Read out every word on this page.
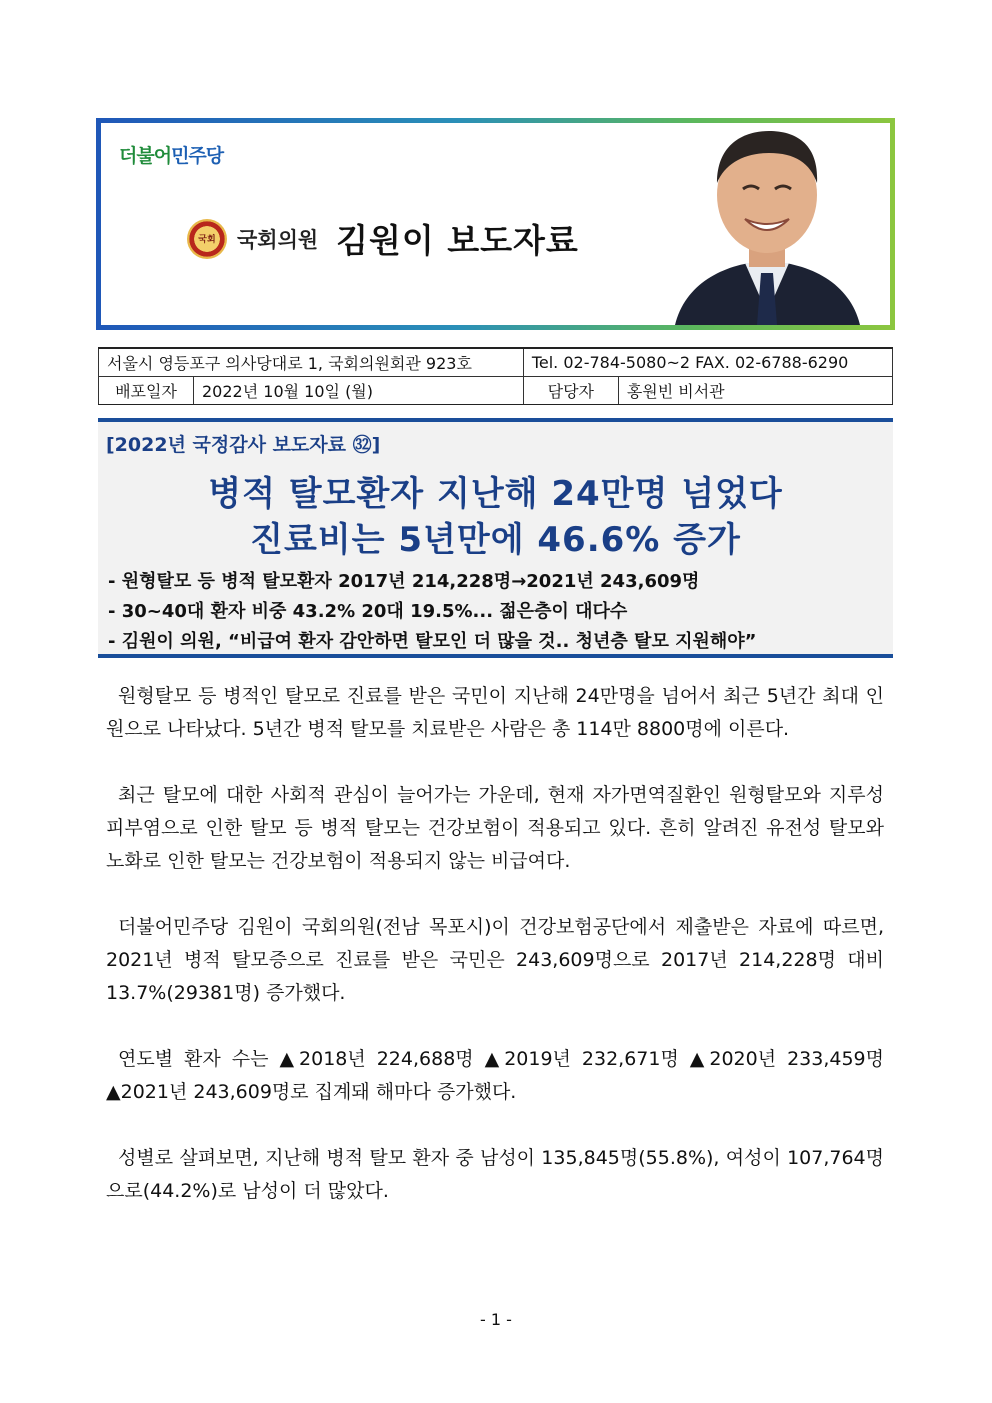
더불어민주당
국회 국회의원 김원이 보도자료
서울시 영등포구 의사당대로 1, 국회의원회관 923호		Tel. 02-784-5080~2 FAX. 02-6788-6290	
배포일자	2022년 10월 10일 (월)	담당자	홍원빈 비서관
[2022년 국정감사 보도자료 ㉜]
병적 탈모환자 지난해 24만명 넘었다
진료비는 5년만에 46.6% 증가
- 원형탈모 등 병적 탈모환자 2017년 214,228명→2021년 243,609명
- 30~40대 환자 비중 43.2% 20대 19.5%... 젊은층이 대다수
- 김원이 의원, “비급여 환자 감안하면 탈모인 더 많을 것.. 청년층 탈모 지원해야”

원형탈모 등 병적인 탈모로 진료를 받은 국민이 지난해 24만명을 넘어서 최근 5년간 최대 인원으로 나타났다. 5년간 병적 탈모를 치료받은 사람은 총 114만 8800명에 이른다.

최근 탈모에 대한 사회적 관심이 늘어가는 가운데, 현재 자가면역질환인 원형탈모와 지루성 피부염으로 인한 탈모 등 병적 탈모는 건강보험이 적용되고 있다. 흔히 알려진 유전성 탈모와 노화로 인한 탈모는 건강보험이 적용되지 않는 비급여다.

더불어민주당 김원이 국회의원(전남 목포시)이 건강보험공단에서 제출받은 자료에 따르면, 2021년 병적 탈모증으로 진료를 받은 국민은 243,609명으로 2017년 214,228명 대비 13.7%(29381명) 증가했다.

연도별 환자 수는 ▲2018년 224,688명 ▲2019년 232,671명 ▲2020년 233,459명 ▲2021년 243,609명로 집계돼 해마다 증가했다.

성별로 살펴보면, 지난해 병적 탈모 환자 중 남성이 135,845명(55.8%), 여성이 107,764명으로(44.2%)로 남성이 더 많았다.

- 1 -
